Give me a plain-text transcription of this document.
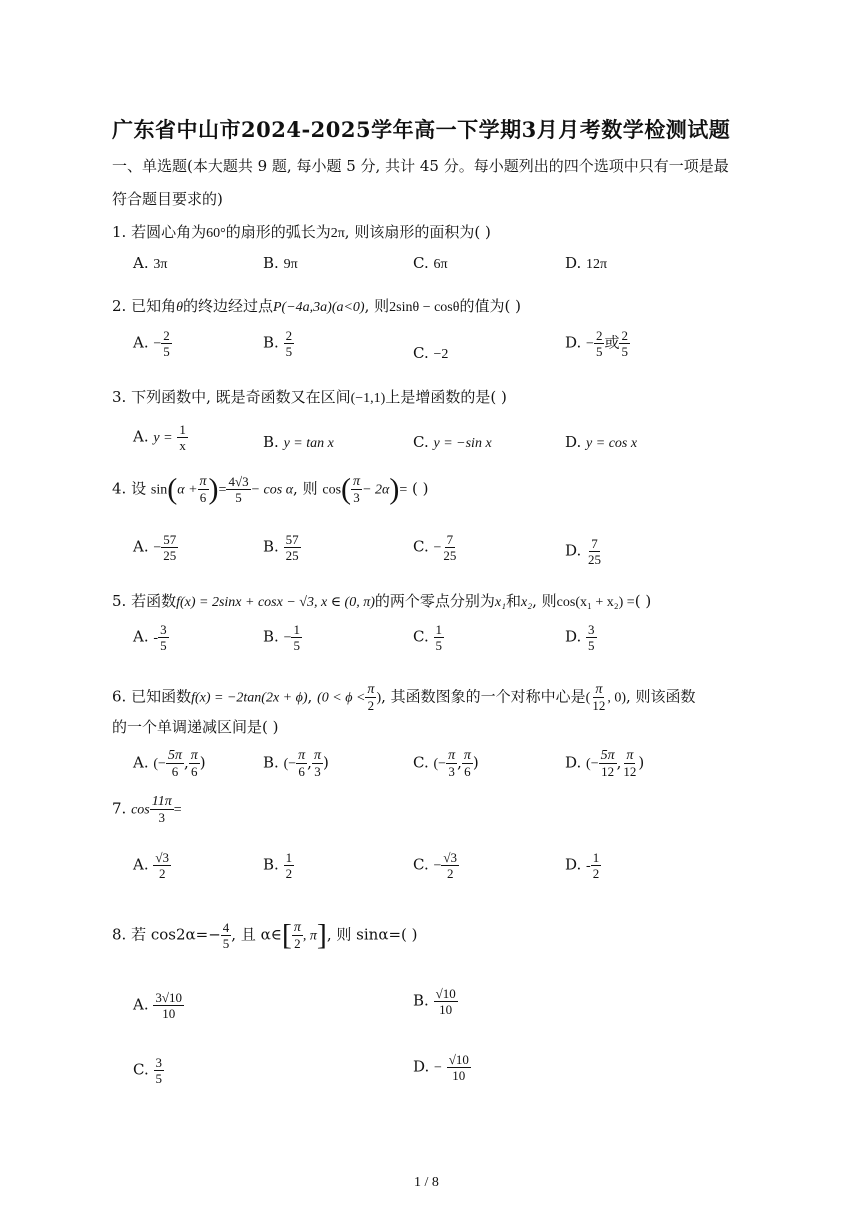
广东省中山市2024-2025学年高一下学期3月月考数学检测试题
一、单选题(本大题共 9 题, 每小题 5 分, 共计 45 分。每小题列出的四个选项中只有一项是最
符合题目要求的)
1. 若圆心角为60°的扇形的弧长为2π, 则该扇形的面积为( )
A. 3π	B. 9π	C. 6π	D. 12π
2. 已知角θ的终边经过点P(−4a,3a)(a<0), 则2sinθ − cosθ的值为( )
A. − $\frac{2}{5}$	B. $\frac{2}{5}$	C. −2
D. − $\frac{2}{5}$ 或 $\frac{2}{5}$
3. 下列函数中, 既是奇函数又在区间(−1,1)上是增函数的是( )
A. $y = \frac{1}{x}$	B. y = tan x	C. y = −sin x	D. y = cos x
4. 设 $\sin(\alpha + \frac{\pi}{6}$ )= $\frac{4√3}{5} - \cos \alpha$, 则 $\cos( \frac{\pi}{3} - 2\alpha)=$ ( )
A. − $\frac{57}{25}$	B. $\frac{57}{25}$	C. − $\frac{7}{25}$	D. $\frac{7}{25}$
5. 若函数f(x) = 2sinx + cosx − √3, x ∈ (0, π)的两个零点分别为x₁和x₂, 则cos(x₁ + x₂) =( )
A. - $\frac{3}{5}$	B. − $\frac{1}{5}$	C. $\frac{1}{5}$	D. $\frac{3}{5}$
6. 已知函数f(x) = −2tan(2x + ϕ), ($0 < \phi < \frac{\pi}{2}$ ), 其函数图象的一个对称中心是( $\frac{\pi}{12}$ , 0), 则该函数
的一个单调递减区间是( )
A. (− $\frac{5\pi}{6}$ , $\frac{\pi}{6}$ )	B. (− $\frac{\pi}{6}$ , $\frac{\pi}{3}$ )	C. (− $\frac{\pi}{3}$ , $\frac{\pi}{6}$ )	D. (− $\frac{5\pi}{12}$ , $\frac{\pi}{12}$ )
7. $\cos \frac{11\pi}{3}$ =
A. $\frac{√3}{2}$	B. $\frac{1}{2}$	C. − $\frac{√3}{2}$	D. - $\frac{1}{2}$
8. 若 $\cos 2\alpha=- \frac{4}{5}$ , 且 α∈[ $\frac{\pi}{2}$ , π], 则 sinα=( )
A. $\frac{3√10}{10}$	B. $\frac{√10}{10}$
C. $\frac{3}{5}$	D. − $\frac{√10}{10}$
1 / 8
